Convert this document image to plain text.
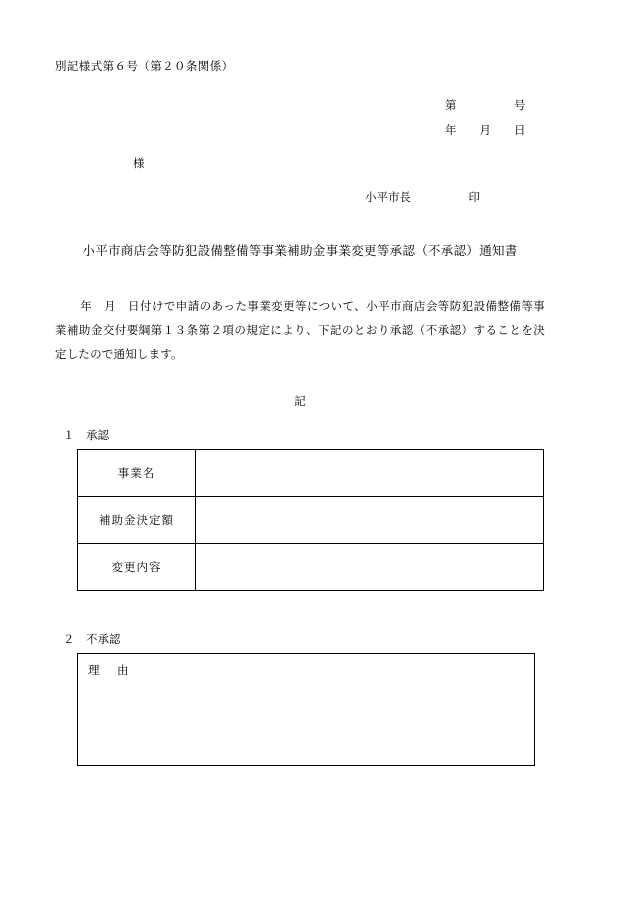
別記様式第６号（第２０条関係）
第　　　　　号
年　　月　　日
様
小平市長　　　　　印
小平市商店会等防犯設備整備等事業補助金事業変更等承認（不承認）通知書
年　月　日付けで申請のあった事業変更等について、小平市商店会等防犯設備整備等事業補助金交付要綱第１３条第２項の規定により、下記のとおり承認（不承認）することを決定したので通知します。
記
１　承認
事業名	
補助金決定額	
変更内容	
２　不承認
理　由
